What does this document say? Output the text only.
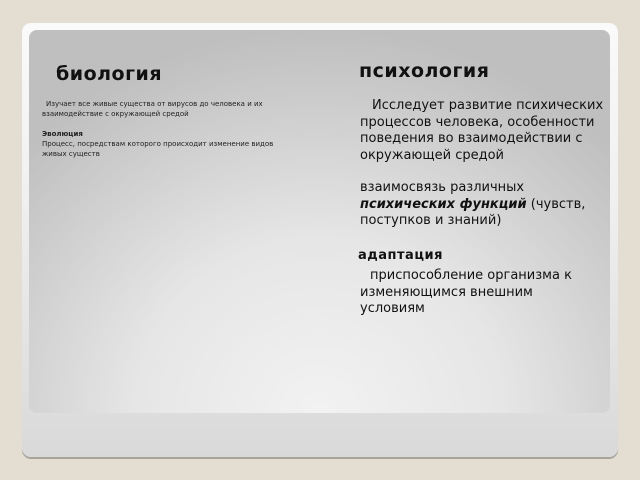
биология

Изучает все живые существа от вирусов до человека и их взаимодействие с окружающей средой

Эволюция

Процесс, посредствам которого происходит изменение видов живых существ

психология

Исследует развитие психических процессов человека, особенности поведения во взаимодействии с окружающей средой

взаимосвязь различных психических функций (чувств, поступков и знаний)

адаптация

приспособление организма к изменяющимся внешним условиям
